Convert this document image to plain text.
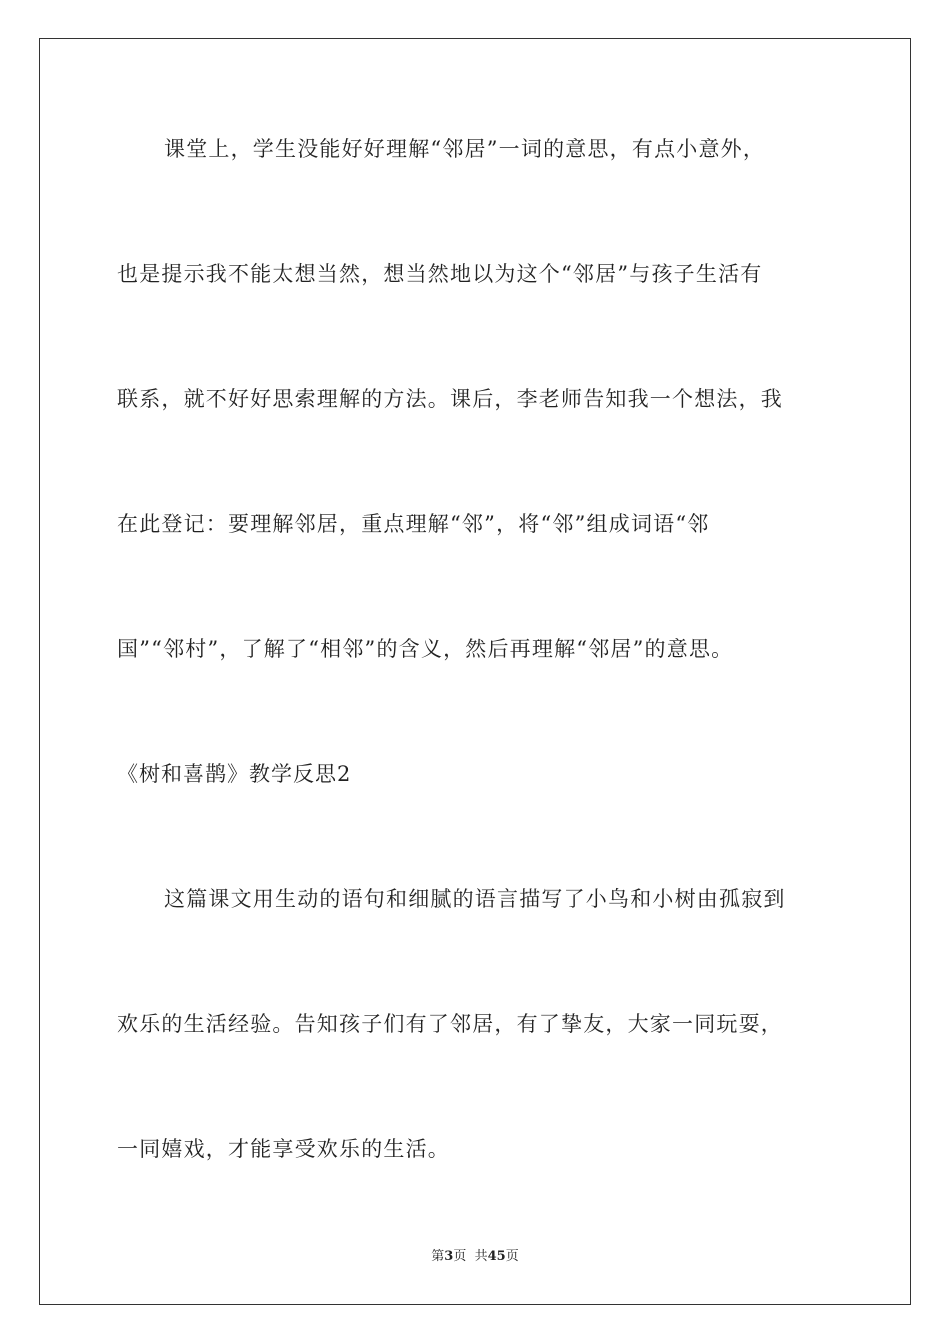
课堂上，学生没能好好理解“邻居”一词的意思，有点小意外，
也是提示我不能太想当然，想当然地以为这个“邻居”与孩子生活有
联系，就不好好思索理解的方法。课后，李老师告知我一个想法，我
在此登记：要理解邻居，重点理解“邻”，将“邻”组成词语“邻
国”“邻村”，了解了“相邻”的含义，然后再理解“邻居”的意思。
《树和喜鹊》教学反思2
这篇课文用生动的语句和细腻的语言描写了小鸟和小树由孤寂到
欢乐的生活经验。告知孩子们有了邻居，有了挚友，大家一同玩耍，
一同嬉戏，才能享受欢乐的生活。
第3页  共45页
